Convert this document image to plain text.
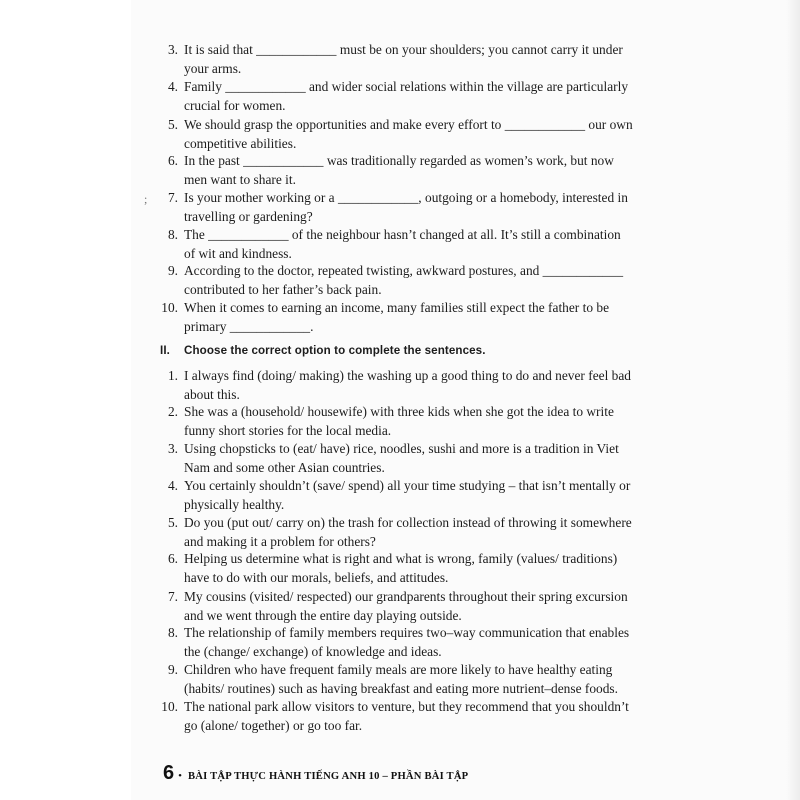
3. It is said that ____________ must be on your shoulders; you cannot carry it under your arms.
4. Family ____________ and wider social relations within the village are particularly crucial for women.
5. We should grasp the opportunities and make every effort to ____________ our own competitive abilities.
6. In the past ____________ was traditionally regarded as women’s work, but now men want to share it.
;	7. Is your mother working or a ____________, outgoing or a homebody, interested in travelling or gardening?
8. The ____________ of the neighbour hasn’t changed at all. It’s still a combination of wit and kindness.
9. According to the doctor, repeated twisting, awkward postures, and ____________ contributed to her father’s back pain.
10. When it comes to earning an income, many families still expect the father to be primary ____________.
II. Choose the correct option to complete the sentences.
1. I always find (doing/ making) the washing up a good thing to do and never feel bad about this.
2. She was a (household/ housewife) with three kids when she got the idea to write funny short stories for the local media.
3. Using chopsticks to (eat/ have) rice, noodles, sushi and more is a tradition in Viet Nam and some other Asian countries.
4. You certainly shouldn’t (save/ spend) all your time studying – that isn’t mentally or physically healthy.
5. Do you (put out/ carry on) the trash for collection instead of throwing it somewhere and making it a problem for others?
6. Helping us determine what is right and what is wrong, family (values/ traditions) have to do with our morals, beliefs, and attitudes.
7. My cousins (visited/ respected) our grandparents throughout their spring excursion and we went through the entire day playing outside.
8. The relationship of family members requires two–way communication that enables the (change/ exchange) of knowledge and ideas.
9. Children who have frequent family meals are more likely to have healthy eating (habits/ routines) such as having breakfast and eating more nutrient–dense foods.
10. The national park allow visitors to venture, but they recommend that you shouldn’t go (alone/ together) or go too far.
6 • BÀI TẬP THỰC HÀNH TIẾNG ANH 10 – PHẦN BÀI TẬP
